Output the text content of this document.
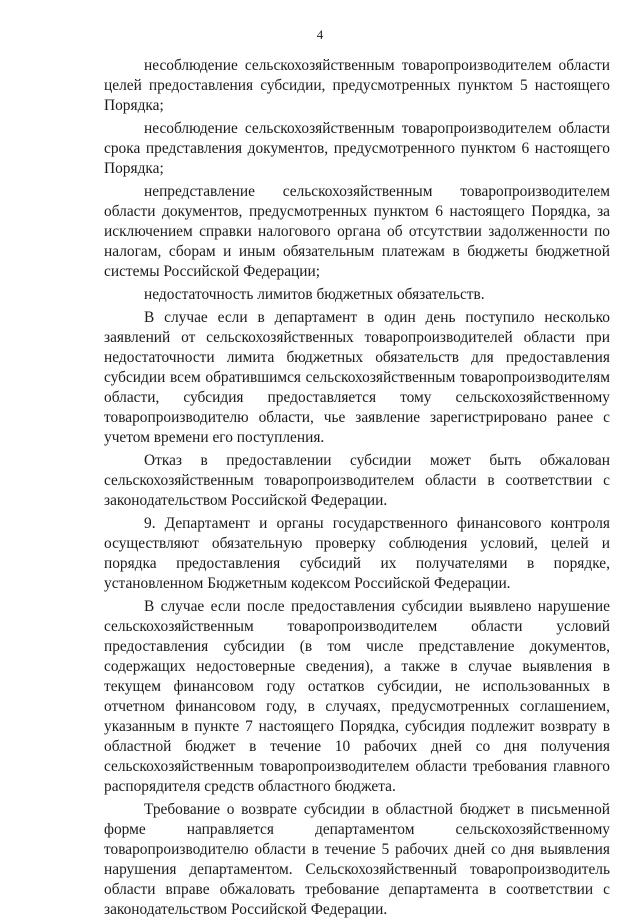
4

несоблюдение сельскохозяйственным товаропроизводителем области целей предоставления субсидии, предусмотренных пунктом 5 настоящего Порядка;

несоблюдение сельскохозяйственным товаропроизводителем области срока представления документов, предусмотренного пунктом 6 настоящего Порядка;

непредставление сельскохозяйственным товаропроизводителем области документов, предусмотренных пунктом 6 настоящего Порядка, за исключением справки налогового органа об отсутствии задолженности по налогам, сборам и иным обязательным платежам в бюджеты бюджетной системы Российской Федерации;

недостаточность лимитов бюджетных обязательств.

В случае если в департамент в один день поступило несколько заявлений от сельскохозяйственных товаропроизводителей области при недостаточности лимита бюджетных обязательств для предоставления субсидии всем обратившимся сельскохозяйственным товаропроизводителям области, субсидия предоставляется тому сельскохозяйственному товаропроизводителю области, чье заявление зарегистрировано ранее с учетом времени его поступления.

Отказ в предоставлении субсидии может быть обжалован сельскохозяйственным товаропроизводителем области в соответствии с законодательством Российской Федерации.

9. Департамент и органы государственного финансового контроля осуществляют обязательную проверку соблюдения условий, целей и порядка предоставления субсидий их получателями в порядке, установленном Бюджетным кодексом Российской Федерации.

В случае если после предоставления субсидии выявлено нарушение сельскохозяйственным товаропроизводителем области условий предоставления субсидии (в том числе представление документов, содержащих недостоверные сведения), а также в случае выявления в текущем финансовом году остатков субсидии, не использованных в отчетном финансовом году, в случаях, предусмотренных соглашением, указанным в пункте 7 настоящего Порядка, субсидия подлежит возврату в областной бюджет в течение 10 рабочих дней со дня получения сельскохозяйственным товаропроизводителем области требования главного распорядителя средств областного бюджета.

Требование о возврате субсидии в областной бюджет в письменной форме направляется департаментом сельскохозяйственному товаропроизводителю области в течение 5 рабочих дней со дня выявления нарушения департаментом. Сельскохозяйственный товаропроизводитель области вправе обжаловать требование департамента в соответствии с законодательством Российской Федерации.
